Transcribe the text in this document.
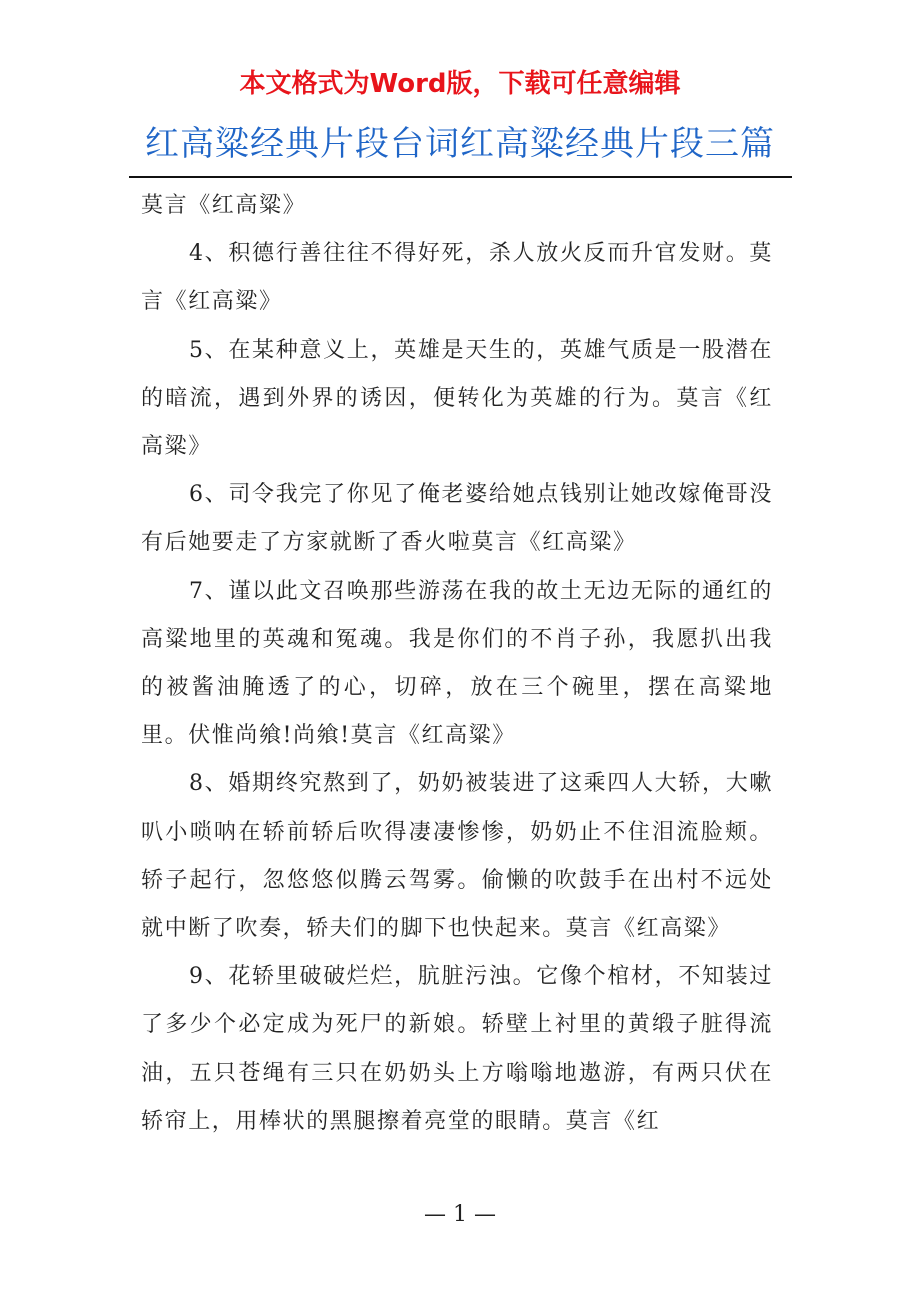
本文格式为Word版，下载可任意编辑
红高粱经典片段台词红高粱经典片段三篇

莫言《红高粱》

4、积德行善往往不得好死，杀人放火反而升官发财。莫言《红高粱》

5、在某种意义上，英雄是天生的，英雄气质是一股潜在的暗流，遇到外界的诱因，便转化为英雄的行为。莫言《红高粱》

6、司令我完了你见了俺老婆给她点钱别让她改嫁俺哥没有后她要走了方家就断了香火啦莫言《红高粱》

7、谨以此文召唤那些游荡在我的故土无边无际的通红的高粱地里的英魂和冤魂。我是你们的不肖子孙，我愿扒出我的被酱油腌透了的心，切碎，放在三个碗里，摆在高粱地里。伏惟尚飨!尚飨!莫言《红高粱》

8、婚期终究熬到了，奶奶被装进了这乘四人大轿，大嗽叭小唢呐在轿前轿后吹得凄凄惨惨，奶奶止不住泪流脸颊。轿子起行，忽悠悠似腾云驾雾。偷懒的吹鼓手在出村不远处就中断了吹奏，轿夫们的脚下也快起来。莫言《红高粱》

9、花轿里破破烂烂，肮脏污浊。它像个棺材，不知装过了多少个必定成为死尸的新娘。轿壁上衬里的黄缎子脏得流油，五只苍绳有三只在奶奶头上方嗡嗡地遨游，有两只伏在轿帘上，用棒状的黑腿擦着亮堂的眼睛。莫言《红

— 1 —
